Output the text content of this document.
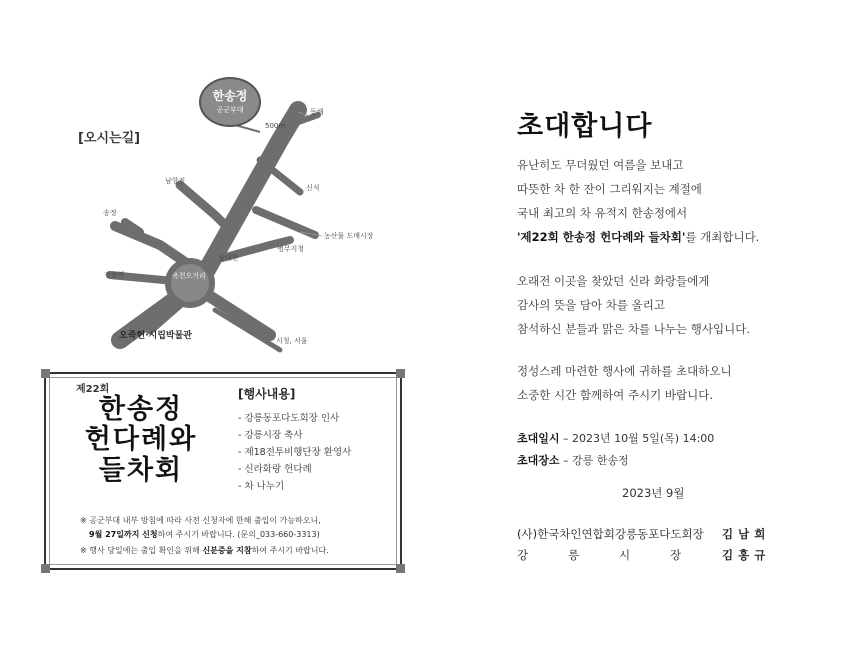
[오시는길]
한송정
공군부대
500m
동해
남항진
신석
송정
농산물 도매시장
병무지청
남대천
강릉역	옥천오거리
시청, 서울
오죽헌·시립박물관
제22회
한송정
헌다례와
들차회
[행사내용]
- 강릉동포다도회장 인사
- 강릉시장 축사
- 제18전투비행단장 환영사
- 신라화랑 헌다례
- 차 나누기
※ 공군부대 내부 방침에 따라 사전 신청자에 한해 출입이 가능하오니,
9월 27일까지 신청하여 주시기 바랍니다. (문의_033-660-3313)
※ 행사 당일에는 출입 확인을 위해 신분증을 지참하여 주시기 바랍니다.
초대합니다
유난히도 무더웠던 여름을 보내고
따뜻한 차 한 잔이 그리워지는 계절에
국내 최고의 차 유적지 한송정에서
'제22회 한송정 헌다례와 들차회'를 개최합니다.
오래전 이곳을 찾았던 신라 화랑들에게
감사의 뜻을 담아 차를 올리고
참석하신 분들과 맑은 차를 나누는 행사입니다.
정성스레 마련한 행사에 귀하를 초대하오니
소중한 시간 함께하여 주시기 바랍니다.
초대일시 – 2023년 10월 5일(목) 14:00
초대장소 – 강릉 한송정
2023년 9월
(사)한국차인연합회강릉동포다도회장 김남희
강	릉	시	장	김홍규
